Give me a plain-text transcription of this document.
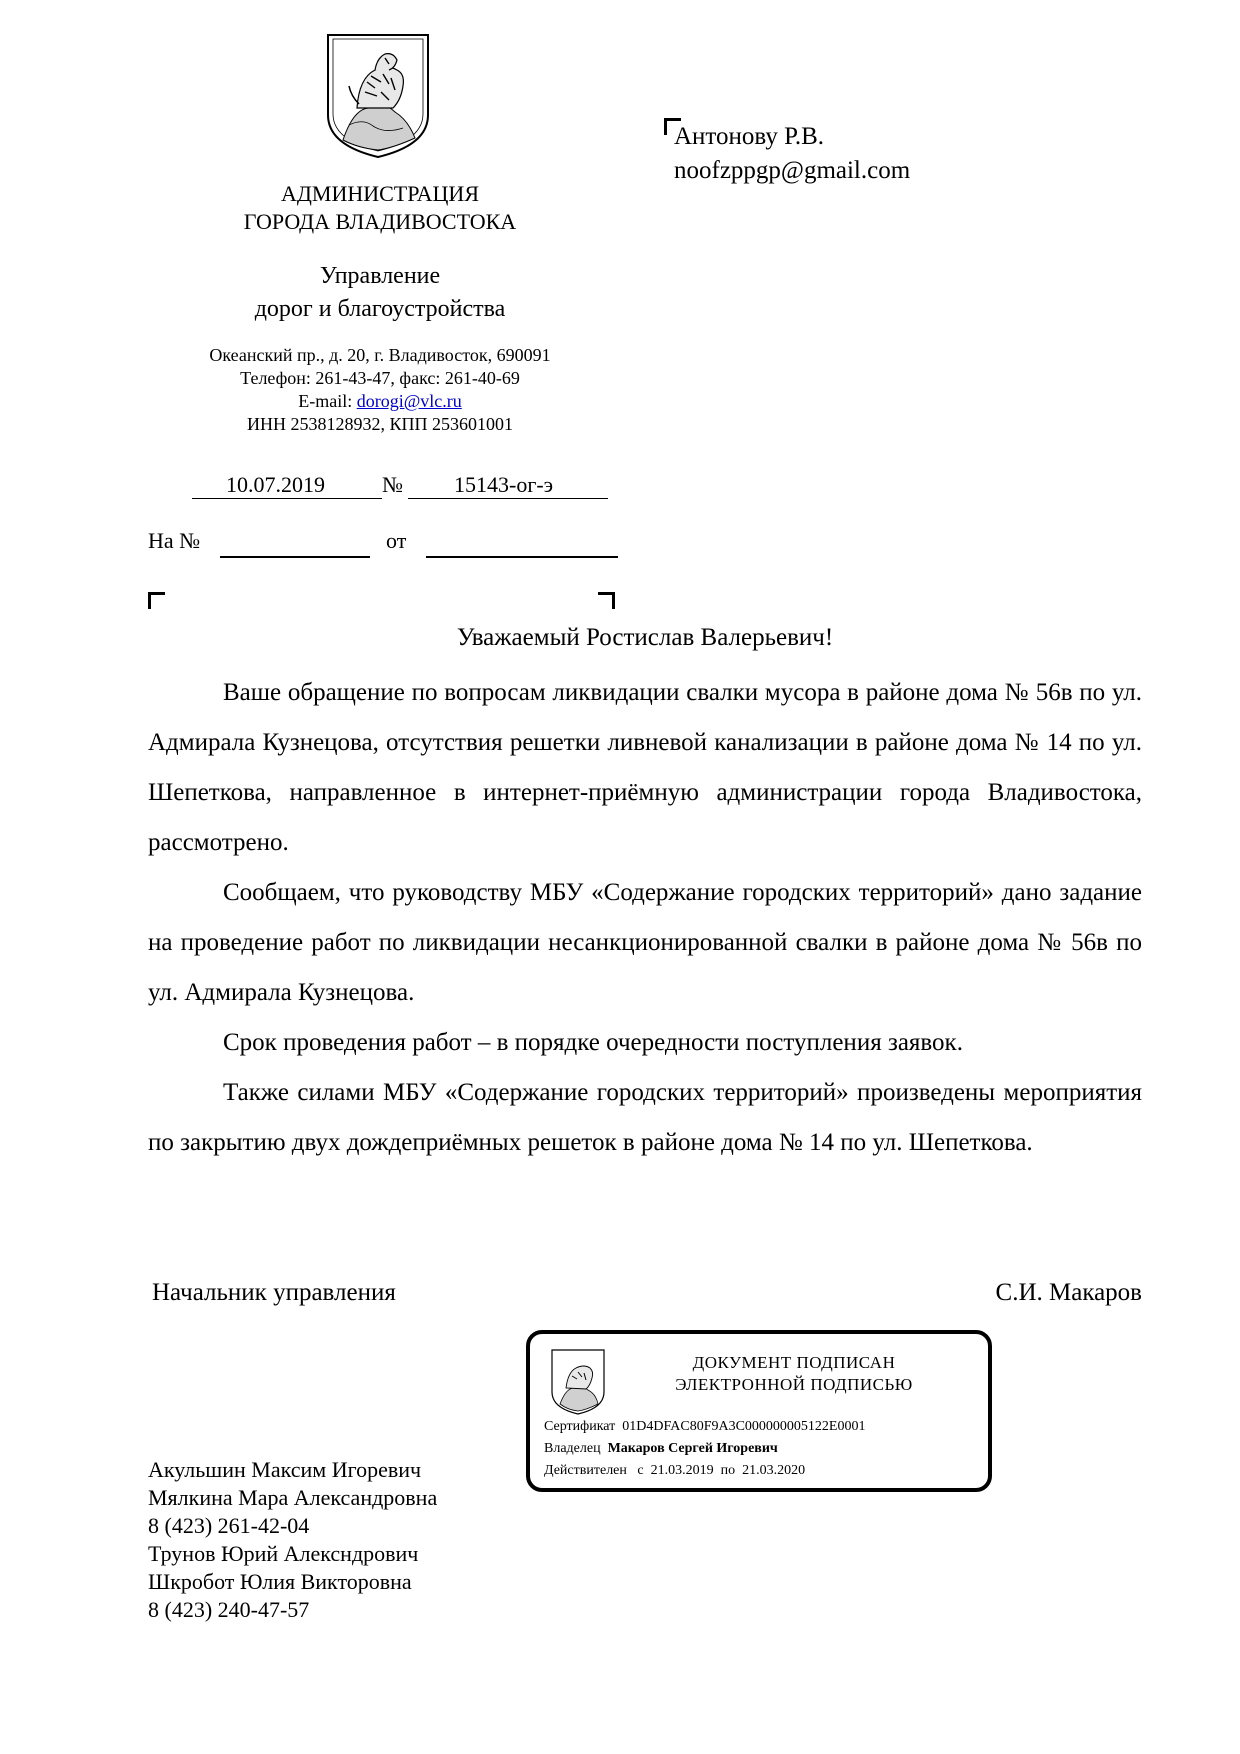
АДМИНИСТРАЦИЯ
ГОРОДА ВЛАДИВОСТОКА
Управление
дорог и благоустройства
Океанский пр., д. 20, г. Владивосток, 690091
Телефон: 261-43-47, факс: 261-40-69
E-mail: dorogi@vlc.ru
ИНН 2538128932, КПП 253601001
10.07.2019	№ 15143-ог-э
На №	от
Антонову Р.В.
noofzppgp@gmail.com
Уважаемый Ростислав Валерьевич!

Ваше обращение по вопросам ликвидации свалки мусора в районе дома № 56в по ул. Адмирала Кузнецова, отсутствия решетки ливневой канализации в районе дома № 14 по ул. Шепеткова, направленное в интернет-приёмную администрации города Владивостока, рассмотрено.

Сообщаем, что руководству МБУ «Содержание городских территорий» дано задание на проведение работ по ликвидации несанкционированной свалки в районе дома № 56в по ул. Адмирала Кузнецова.

Срок проведения работ – в порядке очередности поступления заявок.

Также силами МБУ «Содержание городских территорий» произведены мероприятия по закрытию двух дождеприёмных решеток в районе дома № 14 по ул. Шепеткова.

Начальник управления	С.И. Макаров
ДОКУМЕНТ ПОДПИСАН
ЭЛЕКТРОННОЙ ПОДПИСЬЮ
Сертификат 01D4DFAC80F9A3C000000005122E0001
Владелец Макаров Сергей Игоревич
Действителен с 21.03.2019 по 21.03.2020
Акульшин Максим Игоревич
Мялкина Мара Александровна
8 (423) 261-42-04
Трунов Юрий Алексндрович
Шкробот Юлия Викторовна
8 (423) 240-47-57
